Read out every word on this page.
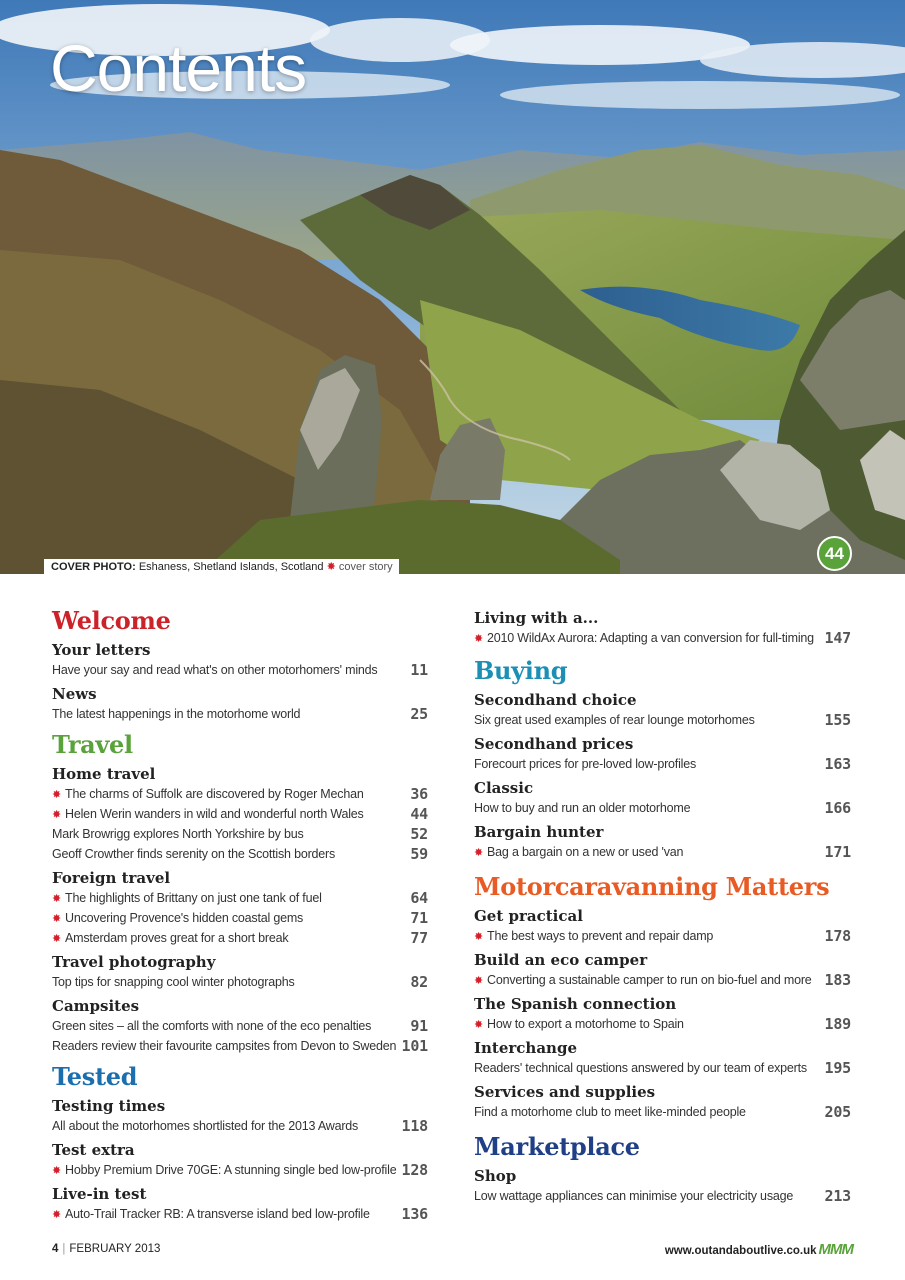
Contents
COVER PHOTO: Eshaness, Shetland Islands, Scotland ✸ cover story
44
Welcome
Your letters
Have your say and read what's on other motorhomers' minds 11
News
The latest happenings in the motorhome world	25
Travel
Home travel
✸ The charms of Suffolk are discovered by Roger Mechan	36
✸ Helen Werin wanders in wild and wonderful north Wales	44
Mark Browrigg explores North Yorkshire by bus	52
Geoff Crowther finds serenity on the Scottish borders	59
Foreign travel
✸ The highlights of Brittany on just one tank of fuel	64
✸ Uncovering Provence's hidden coastal gems	71
✸ Amsterdam proves great for a short break	77
Travel photography
Top tips for snapping cool winter photographs	82
Campsites
Green sites – all the comforts with none of the eco penalties	91
Readers review their favourite campsites from Devon to Sweden 101
Tested
Testing times
All about the motorhomes shortlisted for the 2013 Awards	118
Test extra
✸ Hobby Premium Drive 70GE: A stunning single bed low-profile 128
Live-in test
✸ Auto-Trail Tracker RB: A transverse island bed low-profile 136
Living with a...
✸ 2010 WildAx Aurora: Adapting a van conversion for full-timing 147
Buying
Secondhand choice
Six great used examples of rear lounge motorhomes	155
Secondhand prices
Forecourt prices for pre-loved low-profiles	163
Classic
How to buy and run an older motorhome	166
Bargain hunter
✸ Bag a bargain on a new or used 'van	171
Motorcaravanning Matters
Get practical
✸ The best ways to prevent and repair damp	178
Build an eco camper
✸ Converting a sustainable camper to run on bio-fuel and more 183
The Spanish connection
✸ How to export a motorhome to Spain	189
Interchange
Readers' technical questions answered by our team of experts 195
Services and supplies
Find a motorhome club to meet like-minded people	205
Marketplace
Shop
Low wattage appliances can minimise your electricity usage 213
4 | FEBRUARY 2013	www.outandaboutlive.co.uk MMM
